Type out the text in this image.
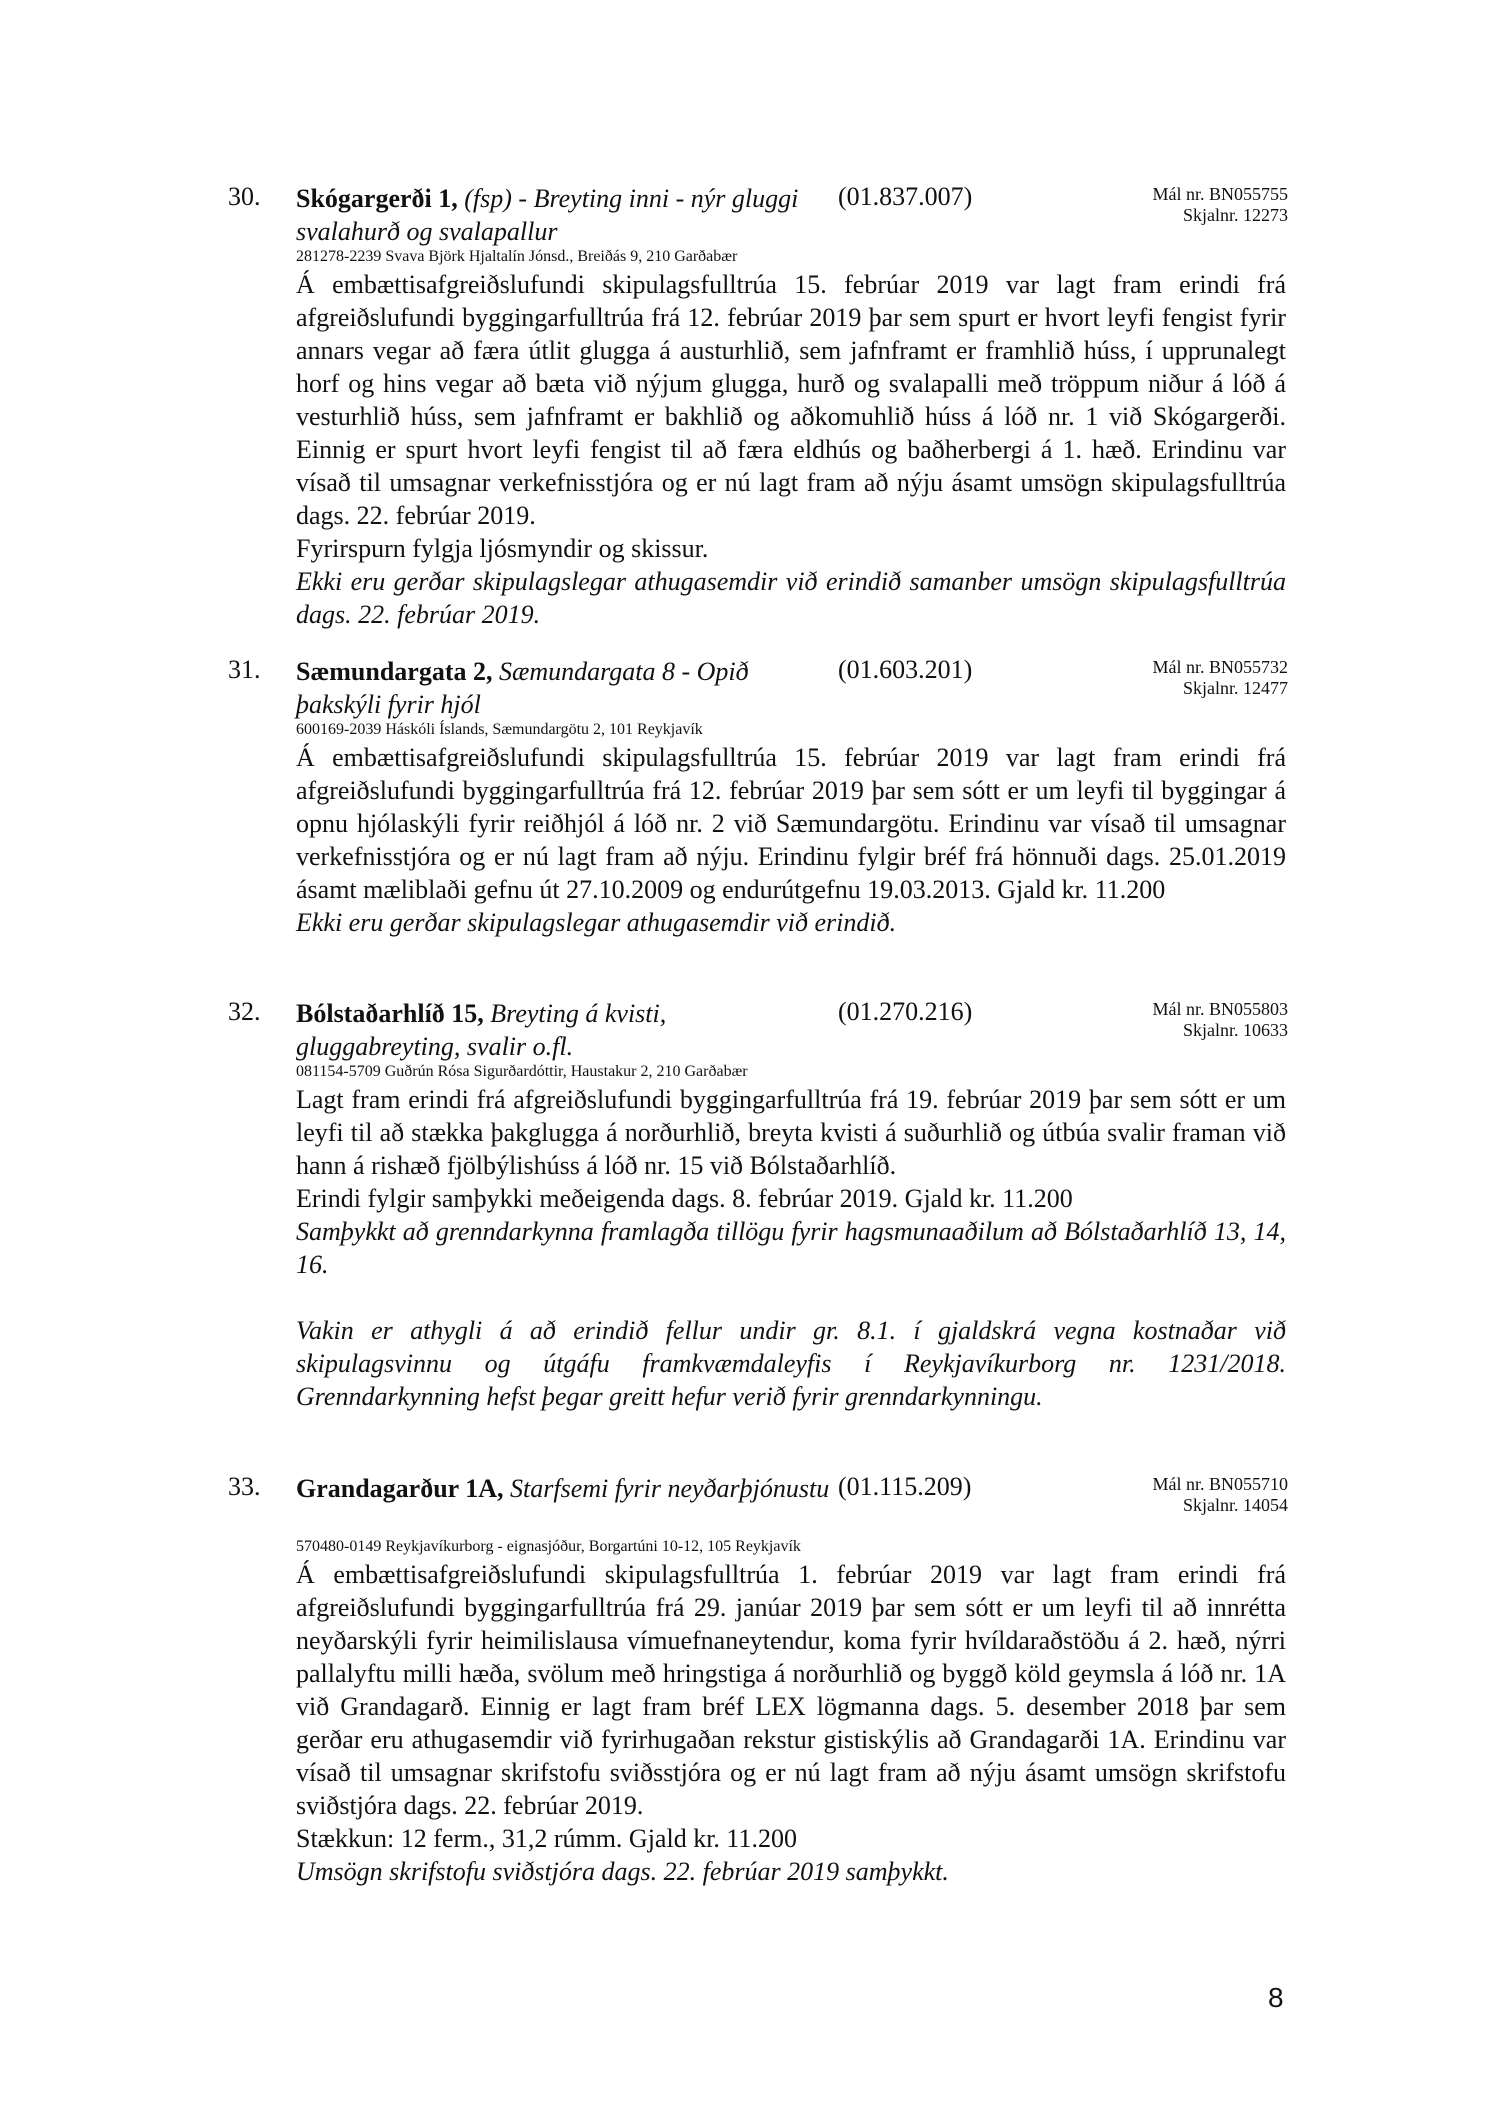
30. Skógargerði 1, (fsp) - Breyting inni - nýr gluggi svalahurð og svalapallur
(01.837.007)	Mál nr. BN055755
Skjalnr. 12273
281278-2239 Svava Björk Hjaltalín Jónsd., Breiðás 9, 210 Garðabær

Á embættisafgreiðslufundi skipulagsfulltrúa 15. febrúar 2019 var lagt fram erindi frá afgreiðslufundi byggingarfulltrúa frá 12. febrúar 2019 þar sem spurt er hvort leyfi fengist fyrir annars vegar að færa útlit glugga á austurhlið, sem jafnframt er framhlið húss, í upprunalegt horf og hins vegar að bæta við nýjum glugga, hurð og svalapalli með tröppum niður á lóð á vesturhlið húss, sem jafnframt er bakhlið og aðkomuhlið húss á lóð nr. 1 við Skógargerði. Einnig er spurt hvort leyfi fengist til að færa eldhús og baðherbergi á 1. hæð. Erindinu var vísað til umsagnar verkefnisstjóra og er nú lagt fram að nýju ásamt umsögn skipulagsfulltrúa dags. 22. febrúar 2019.

Fyrirspurn fylgja ljósmyndir og skissur.

Ekki eru gerðar skipulagslegar athugasemdir við erindið samanber umsögn skipulagsfulltrúa dags. 22. febrúar 2019.

31. Sæmundargata 2, Sæmundargata 8 - Opið þakskýli fyrir hjól
(01.603.201)	Mál nr. BN055732
Skjalnr. 12477
600169-2039 Háskóli Íslands, Sæmundargötu 2, 101 Reykjavík

Á embættisafgreiðslufundi skipulagsfulltrúa 15. febrúar 2019 var lagt fram erindi frá afgreiðslufundi byggingarfulltrúa frá 12. febrúar 2019 þar sem sótt er um leyfi til byggingar á opnu hjólaskýli fyrir reiðhjól á lóð nr. 2 við Sæmundargötu. Erindinu var vísað til umsagnar verkefnisstjóra og er nú lagt fram að nýju. Erindinu fylgir bréf frá hönnuði dags. 25.01.2019 ásamt mæliblaði gefnu út 27.10.2009 og endurútgefnu 19.03.2013. Gjald kr. 11.200

Ekki eru gerðar skipulagslegar athugasemdir við erindið.

32. Bólstaðarhlíð 15, Breyting á kvisti, gluggabreyting, svalir o.fl.
(01.270.216)	Mál nr. BN055803
Skjalnr. 10633
081154-5709 Guðrún Rósa Sigurðardóttir, Haustakur 2, 210 Garðabær

Lagt fram erindi frá afgreiðslufundi byggingarfulltrúa frá 19. febrúar 2019 þar sem sótt er um leyfi til að stækka þakglugga á norðurhlið, breyta kvisti á suðurhlið og útbúa svalir framan við hann á rishæð fjölbýlishúss á lóð nr. 15 við Bólstaðarhlíð.

Erindi fylgir samþykki meðeigenda dags. 8. febrúar 2019. Gjald kr. 11.200

Samþykkt að grenndarkynna framlagða tillögu fyrir hagsmunaaðilum að Bólstaðarhlíð 13, 14, 16.

Vakin er athygli á að erindið fellur undir gr. 8.1. í gjaldskrá vegna kostnaðar við skipulagsvinnu og útgáfu framkvæmdaleyfis í Reykjavíkurborg nr. 1231/2018. Grenndarkynning hefst þegar greitt hefur verið fyrir grenndarkynningu.

33. Grandagarður 1A, Starfsemi fyrir neyðarþjónustu (01.115.209)	Mál nr. BN055710
Skjalnr. 14054
570480-0149 Reykjavíkurborg - eignasjóður, Borgartúni 10-12, 105 Reykjavík

Á embættisafgreiðslufundi skipulagsfulltrúa 1. febrúar 2019 var lagt fram erindi frá afgreiðslufundi byggingarfulltrúa frá 29. janúar 2019 þar sem sótt er um leyfi til að innrétta neyðarskýli fyrir heimilislausa vímuefnaneytendur, koma fyrir hvíldaraðstöðu á 2. hæð, nýrri pallalyftu milli hæða, svölum með hringstiga á norðurhlið og byggð köld geymsla á lóð nr. 1A við Grandagarð. Einnig er lagt fram bréf LEX lögmanna dags. 5. desember 2018 þar sem gerðar eru athugasemdir við fyrirhugaðan rekstur gistiskýlis að Grandagarði 1A. Erindinu var vísað til umsagnar skrifstofu sviðsstjóra og er nú lagt fram að nýju ásamt umsögn skrifstofu sviðstjóra dags. 22. febrúar 2019.

Stækkun: 12 ferm., 31,2 rúmm. Gjald kr. 11.200

Umsögn skrifstofu sviðstjóra dags. 22. febrúar 2019 samþykkt.

8
